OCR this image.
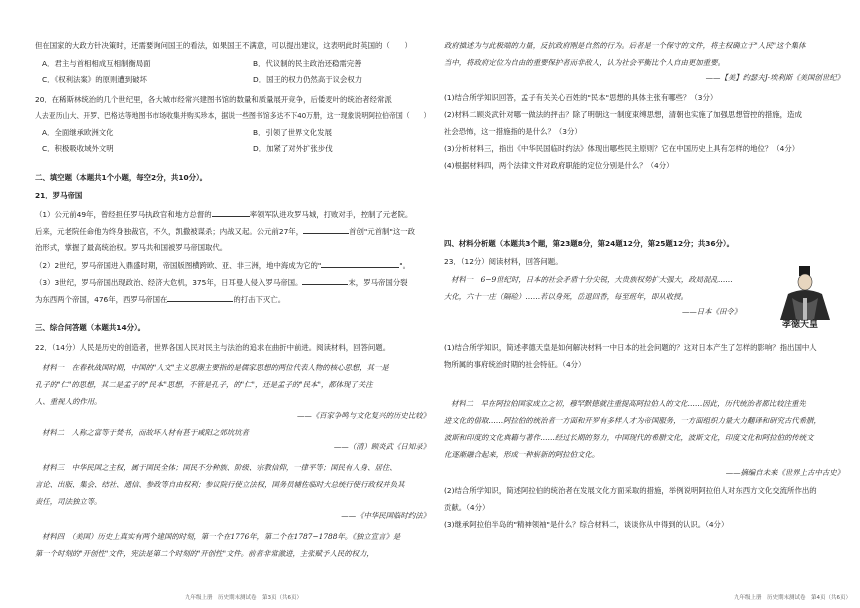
但在国家的大政方针决策时，还需要询问国王的看法，如果国王不满意，可以提出建议，这表明此时英国的（　　）
A．君主与首相相成互相制衡局面	B．代议制的民主政治还稳需完善
C．《权利法案》的原则遭到破坏	D．国王的权力仍然高于议会权力
20．在稀斯林统治的几个世纪里，各大城市经常兴建图书馆的数量和质量展开竞争，后倭麦叶的统治者经常派
人去亚历山大、开罗、巴格达等地图书市场收集并购买珍本，据说一些图书馆多达不下40万册，这一现象说明阿拉伯帝国（　　）
A．全面继承欧洲文化	B．引领了世界文化发展
C．积极吸收域外文明	D．加紧了对外扩张步伐
二、填空题（本题共1个小题，每空2分，共10分）。
21．罗马帝国
（1）公元前49年，曾经担任罗马执政官和地方总督的	率领军队进攻罗马城，打败对手，控制了元老院。
后来，元老院任命他为终身独裁官，不久，凯撒被谋杀；内战又起。公元前27年，	首创"元首制"这一政
治形式，掌握了最高统治权。罗马共和国被罗马帝国取代。
（2）2世纪，罗马帝国进入鼎盛时期，帝国版图横跨欧、亚、非三洲，地中海成为它的"	"。
（3）3世纪，罗马帝国出现政治、经济大危机，375年，日耳曼人侵入罗马帝国。	末，罗马帝国分裂
为东西两个帝国，476年，西罗马帝国在	的打击下灭亡。
三、综合问答题（本题共14分）。
22．（14分）人民是历史的创造者，世界各国人民对民主与法治的追求在曲折中前进。阅读材料，回答问题。
材料一　在春秋战国时期，中国的"人文"主义思潮主要指的是儒家思想的两位代表人物的核心思想，其一是
孔子的"仁"的思想，其二是孟子的"民本"思想，不管是孔子，的"仁"，还是孟子的"民本"，都体现了关注
人、重视人的作用。
——《百家争鸣与文化复兴的历史比较》
材料二　人称之富等于焚书，而故坏人材有甚于咸阳之郊坑坑者
——（清）顾炎武《日知录》
材料三　中华民国之主权，属于国民全体；国民不分种族、阶级、宗教信仰，一律平等；国民有人身、居住、
言论、出版、集会、结社、通信、参政等自由权利；参议院行使立法权，国务员辅佐临时大总统行使行政权并负其
责任，司法独立等。
——《中华民国临时约法》
材料四　（美国）历史上真实有两个建国的时刻，第一个在1776年，第二个在1787−1788年。《独立宣言》是
第一个时刻的"开创性"文件，宪法是第二个时刻的"开创性"文件。前者非常激进，主张赋予人民的权力，
九年级上册　历史期末测试卷　第3页（共6页）
政府描述为与此极端的力量，反抗政府刚是自然的行为。后者是一个保守的文件，将主权确立于"人民"这个集体
当中，将政府定位为自由的重要保护者而非敌人，认为社会平衡比个人自由更加重要。
——【美】约瑟夫J·埃利斯《美国创世纪》
(1)结合所学知识回答，孟子有关关心百姓的"民本"思想的具体主张有哪些？（3分）
(2)材料二顾炎武针对哪一做法的抨击？除了明朝这一制度束缚思想，清朝也实施了加强思想管控的措施，造成
社会恐怖，这一措施指的是什么？（3分）
(3)分析材料三，指出《中华民国临时约法》体现出哪些民主原则？它在中国历史上具有怎样的地位？（4分）
(4)根据材料四，两个法律文件对政府职能的定位分别是什么？（4分）
四、材料分析题（本题共3个题，第23题8分，第24题12分，第25题12分；共36分）。
23．（12分）阅读材料，回答问题。
材料一　6−9世纪时，日本的社会矛盾十分尖锐，大贵族权势扩大强大，政局混乱……
大化，六十一庄（隔硷）……若以身死，岳退回香，每至班年，即从收授。
——日本《田令》
孝徳天皇
(1)结合所学知识，简述孝德天皇是如何解决材料一中日本的社会问题的？这对日本产生了怎样的影响？指出国中人
物所属的事府统治时期的社会特征。（4分）
材料二　早在阿拉伯国家成立之初，穆罕默德就注重提高阿拉伯人的文化……因此，历代统治者都比较注重先
进文化的借取……阿拉伯的统治者一方面和开罗有多样人才为帝国服务，一方面组织力量大力翻译和研究古代希腊，
波斯和印度的文化典籍与著作……经过长期的努力，中国现代的希腊文化，波斯文化，印度文化和阿拉伯的传统文
化逐渐融合起来，形成一种崭新的阿拉伯文化。
——摘编自未来《世界上古中古史》
(2)结合所学知识，简述阿拉伯的统治者在发展文化方面采取的措施，举例说明阿拉伯人对东西方文化交流所作出的
贡献。（4分）
(3)继承阿拉伯半岛的"精神领袖"是什么？综合材料二，谈谈你从中得到的认识。（4分）
九年级上册　历史期末测试卷　第4页（共6页）
